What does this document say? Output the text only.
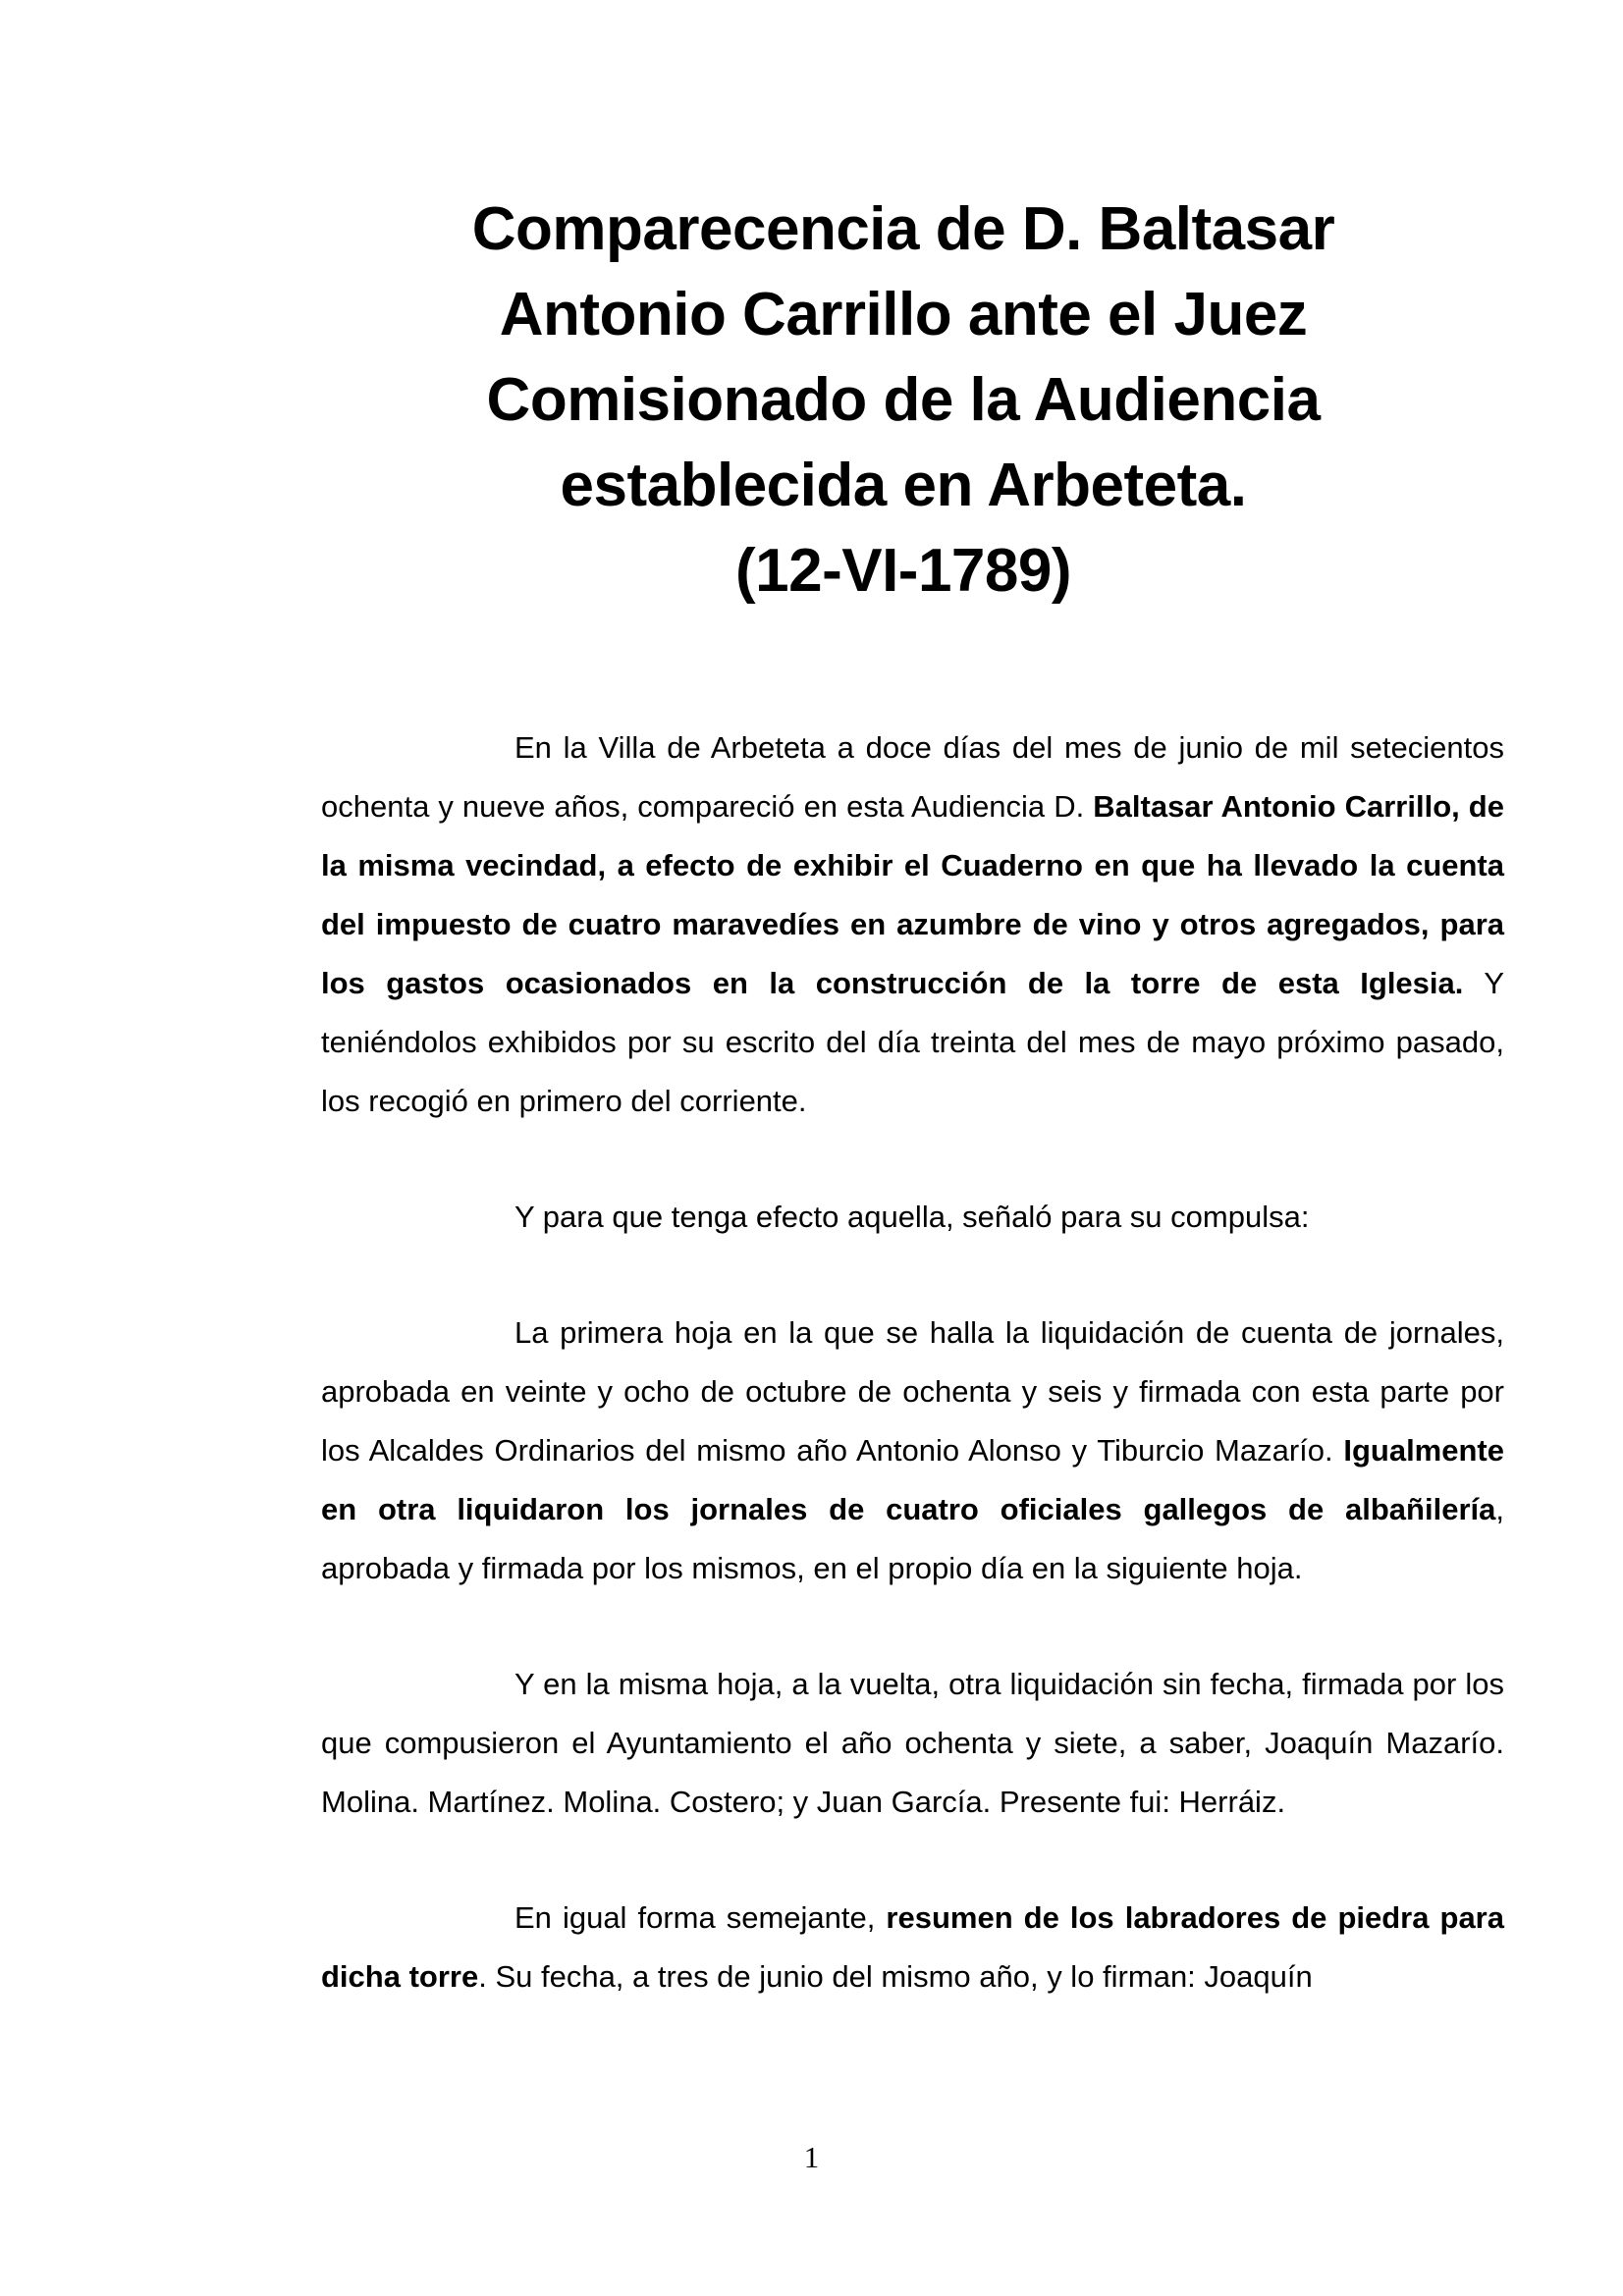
Comparecencia de D. Baltasar
Antonio Carrillo ante el Juez
Comisionado de la Audiencia
establecida en Arbeteta.
(12-VI-1789)

En la Villa de Arbeteta a doce días del mes de junio de mil setecientos ochenta y nueve años, compareció en esta Audiencia D. Baltasar Antonio Carrillo, de la misma vecindad, a efecto de exhibir el Cuaderno en que ha llevado la cuenta del impuesto de cuatro maravedíes en azumbre de vino y otros agregados, para los gastos ocasionados en la construcción de la torre de esta Iglesia. Y teniéndolos exhibidos por su escrito del día treinta del mes de mayo próximo pasado, los recogió en primero del corriente.

Y para que tenga efecto aquella, señaló para su compulsa:

La primera hoja en la que se halla la liquidación de cuenta de jornales, aprobada en veinte y ocho de octubre de ochenta y seis y firmada con esta parte por los Alcaldes Ordinarios del mismo año Antonio Alonso y Tiburcio Mazarío. Igualmente en otra liquidaron los jornales de cuatro oficiales gallegos de albañilería, aprobada y firmada por los mismos, en el propio día en la siguiente hoja.

Y en la misma hoja, a la vuelta, otra liquidación sin fecha, firmada por los que compusieron el Ayuntamiento el año ochenta y siete, a saber, Joaquín Mazarío. Molina. Martínez. Molina. Costero; y Juan García. Presente fui: Herráiz.

En igual forma semejante, resumen de los labradores de piedra para dicha torre. Su fecha, a tres de junio del mismo año, y lo firman: Joaquín

1
